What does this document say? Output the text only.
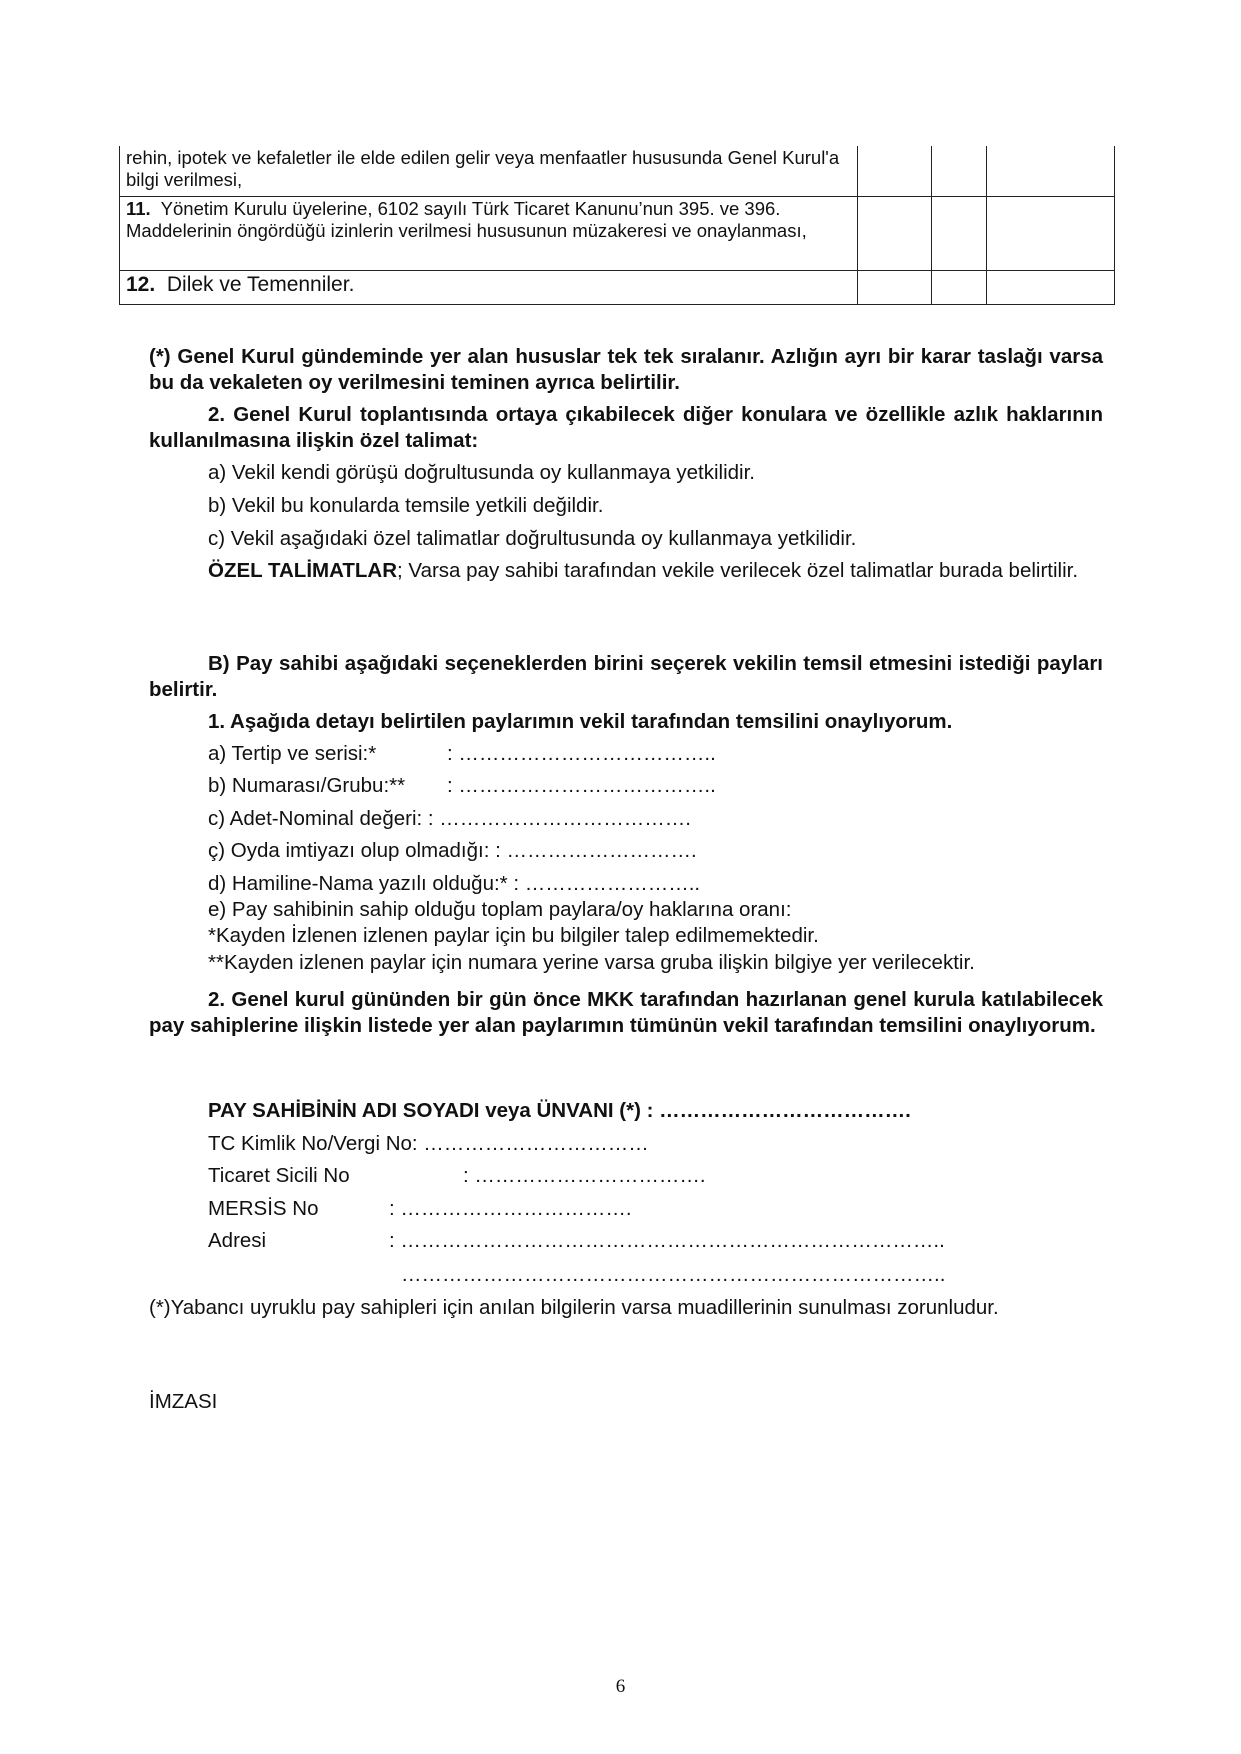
rehin, ipotek ve kefaletler ile elde edilen gelir veya menfaatler hususunda Genel Kurul'a bilgi verilmesi,			
11. Yönetim Kurulu üyelerine, 6102 sayılı Türk Ticaret Kanunu’nun 395. ve 396. Maddelerinin öngördüğü izinlerin verilmesi hususunun müzakeresi ve onaylanması,			
12. Dilek ve Temenniler.			
(*) Genel Kurul gündeminde yer alan hususlar tek tek sıralanır. Azlığın ayrı bir karar taslağı varsa bu da vekaleten oy verilmesini teminen ayrıca belirtilir.
2. Genel Kurul toplantısında ortaya çıkabilecek diğer konulara ve özellikle azlık haklarının kullanılmasına ilişkin özel talimat:
a) Vekil kendi görüşü doğrultusunda oy kullanmaya yetkilidir.
b) Vekil bu konularda temsile yetkili değildir.
c) Vekil aşağıdaki özel talimatlar doğrultusunda oy kullanmaya yetkilidir.
ÖZEL TALİMATLAR; Varsa pay sahibi tarafından vekile verilecek özel talimatlar burada belirtilir.
B) Pay sahibi aşağıdaki seçeneklerden birini seçerek vekilin temsil etmesini istediği payları belirtir.
1. Aşağıda detayı belirtilen paylarımın vekil tarafından temsilini onaylıyorum.
a) Tertip ve serisi:*	: ………………………………..
b) Numarası/Grubu:** : ………………………………..
c) Adet-Nominal değeri: : ……………………………….
ç) Oyda imtiyazı olup olmadığı: : ……………………….
d) Hamiline-Nama yazılı olduğu:* : ……………………..
e) Pay sahibinin sahip olduğu toplam paylara/oy haklarına oranı:
*Kayden İzlenen izlenen paylar için bu bilgiler talep edilmemektedir.
**Kayden izlenen paylar için numara yerine varsa gruba ilişkin bilgiye yer verilecektir.
2. Genel kurul gününden bir gün önce MKK tarafından hazırlanan genel kurula katılabilecek pay sahiplerine ilişkin listede yer alan paylarımın tümünün vekil tarafından temsilini onaylıyorum.
PAY SAHİBİNİN ADI SOYADI veya ÜNVANI (*) : ……………………………….
TC Kimlik No/Vergi No: ……………………………
Ticaret Sicili No	: …………………………….
MERSİS No	: …………………………….
Adresi	: ……………………………………………………………………..
……………………………………………………………………..
(*)Yabancı uyruklu pay sahipleri için anılan bilgilerin varsa muadillerinin sunulması zorunludur.
İMZASI
6
